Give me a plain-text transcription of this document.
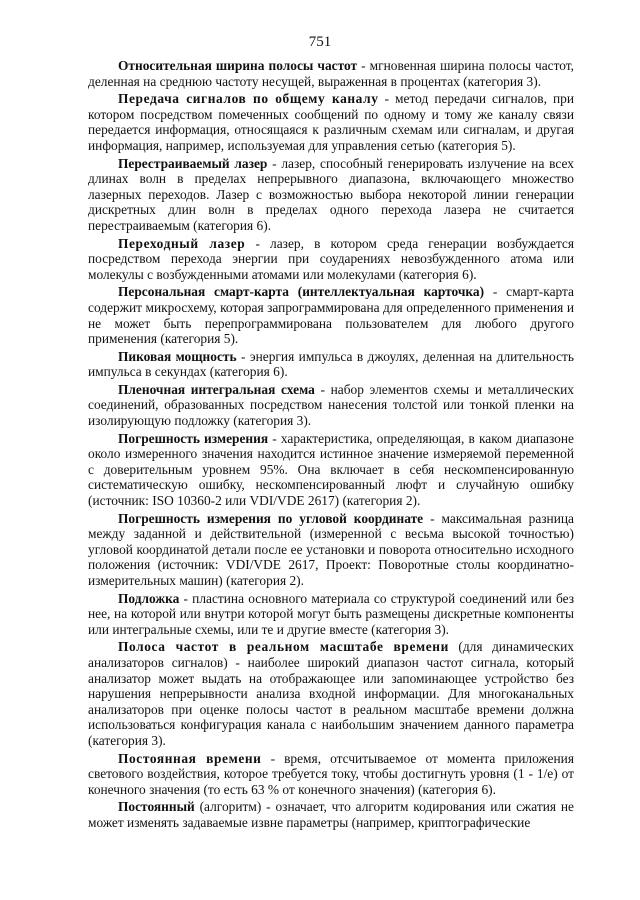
751

Относительная ширина полосы частот - мгновенная ширина полосы частот, деленная на среднюю частоту несущей, выраженная в процентах (категория 3).

Передача сигналов по общему каналу - метод передачи сигналов, при котором посредством помеченных сообщений по одному и тому же каналу связи передается информация, относящаяся к различным схемам или сигналам, и другая информация, например, используемая для управления сетью (категория 5).

Перестраиваемый лазер - лазер, способный генерировать излучение на всех длинах волн в пределах непрерывного диапазона, включающего множество лазерных переходов. Лазер с возможностью выбора некоторой линии генерации дискретных длин волн в пределах одного перехода лазера не считается перестраиваемым (категория 6).

Переходный лазер - лазер, в котором среда генерации возбуждается посредством перехода энергии при соударениях невозбужденного атома или молекулы с возбужденными атомами или молекулами (категория 6).

Персональная смарт-карта (интеллектуальная карточка) - смарт-карта содержит микросхему, которая запрограммирована для определенного применения и не может быть перепрограммирована пользователем для любого другого применения (категория 5).

Пиковая мощность - энергия импульса в джоулях, деленная на длительность импульса в секундах (категория 6).

Пленочная интегральная схема - набор элементов схемы и металлических соединений, образованных посредством нанесения толстой или тонкой пленки на изолирующую подложку (категория 3).

Погрешность измерения - характеристика, определяющая, в каком диапазоне около измеренного значения находится истинное значение измеряемой переменной с доверительным уровнем 95%. Она включает в себя нескомпенсированную систематическую ошибку, нескомпенсированный люфт и случайную ошибку (источник: ISO 10360-2 или VDI/VDE 2617) (категория 2).

Погрешность измерения по угловой координате - максимальная разница между заданной и действительной (измеренной с весьма высокой точностью) угловой координатой детали после ее установки и поворота относительно исходного положения (источник: VDI/VDE 2617, Проект: Поворотные столы координатно-измерительных машин) (категория 2).

Подложка - пластина основного материала со структурой соединений или без нее, на которой или внутри которой могут быть размещены дискретные компоненты или интегральные схемы, или те и другие вместе (категория 3).

Полоса частот в реальном масштабе времени (для динамических анализаторов сигналов) - наиболее широкий диапазон частот сигнала, который анализатор может выдать на отображающее или запоминающее устройство без нарушения непрерывности анализа входной информации. Для многоканальных анализаторов при оценке полосы частот в реальном масштабе времени должна использоваться конфигурация канала с наибольшим значением данного параметра (категория 3).

Постоянная времени - время, отсчитываемое от момента приложения светового воздействия, которое требуется току, чтобы достигнуть уровня (1 - 1/e) от конечного значения (то есть 63 % от конечного значения) (категория 6).

Постоянный (алгоритм) - означает, что алгоритм кодирования или сжатия не может изменять задаваемые извне параметры (например, криптографические
